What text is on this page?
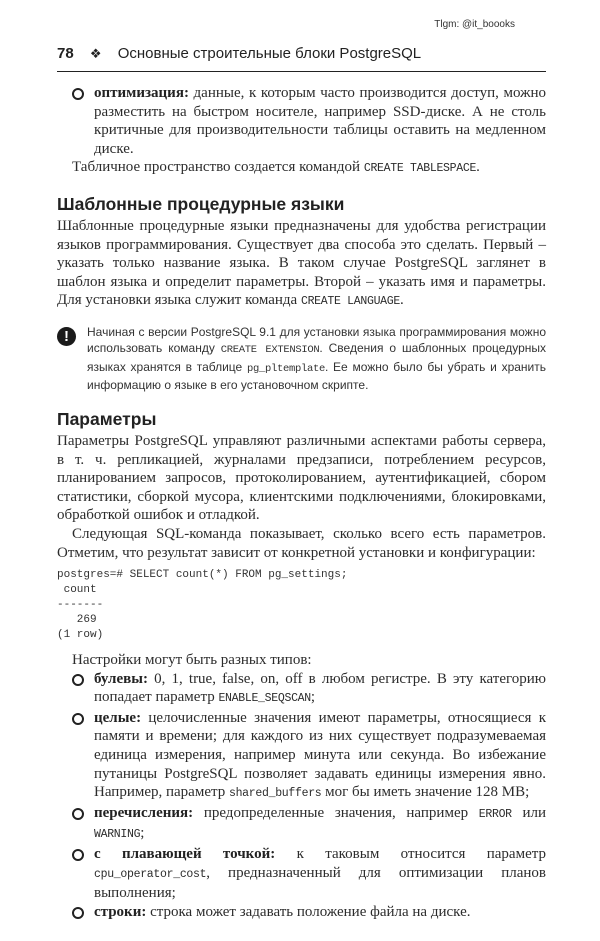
Tlgm: @it_boooks
78 ❖ Основные строительные блоки PostgreSQL
оптимизация: данные, к которым часто производится доступ, можно разместить на быстром носителе, например SSD-диске. А не столь критичные для производительности таблицы оставить на медленном диске.
Табличное пространство создается командой CREATE TABLESPACE.
Шаблонные процедурные языки
Шаблонные процедурные языки предназначены для удобства регистрации языков программирования. Существует два способа это сделать. Первый – указать только название языка. В таком случае PostgreSQL заглянет в шаблон языка и определит параметры. Второй – указать имя и параметры. Для установки языка служит команда CREATE LANGUAGE.
!	Начиная с версии PostgreSQL 9.1 для установки языка программирования можно использовать команду CREATE EXTENSION. Сведения о шаблонных процедурных языках хранятся в таблице pg_pltemplate. Ее можно было бы убрать и хранить информацию о языке в его установочном скрипте.
Параметры
Параметры PostgreSQL управляют различными аспектами работы сервера, в т. ч. репликацией, журналами предзаписи, потреблением ресурсов, планированием запросов, протоколированием, аутентификацией, сбором статистики, сборкой мусора, клиентскими подключениями, блокировками, обработкой ошибок и отладкой.
Следующая SQL-команда показывает, сколько всего есть параметров. Отметим, что результат зависит от конкретной установки и конфигурации:
postgres=# SELECT count(*) FROM pg_settings;
count
-------
269
(1 row)
Настройки могут быть разных типов:
булевы: 0, 1, true, false, on, off в любом регистре. В эту категорию попадает параметр ENABLE_SEQSCAN;
целые: целочисленные значения имеют параметры, относящиеся к памяти и времени; для каждого из них существует подразумеваемая единица измерения, например минута или секунда. Во избежание путаницы PostgreSQL позволяет задавать единицы измерения явно. Например, параметр shared_buffers мог бы иметь значение 128 MB;
перечисления: предопределенные значения, например ERROR или WARNING;
с плавающей точкой: к таковым относится параметр cpu_operator_cost, предназначенный для оптимизации планов выполнения;
строки: строка может задавать положение файла на диске.
